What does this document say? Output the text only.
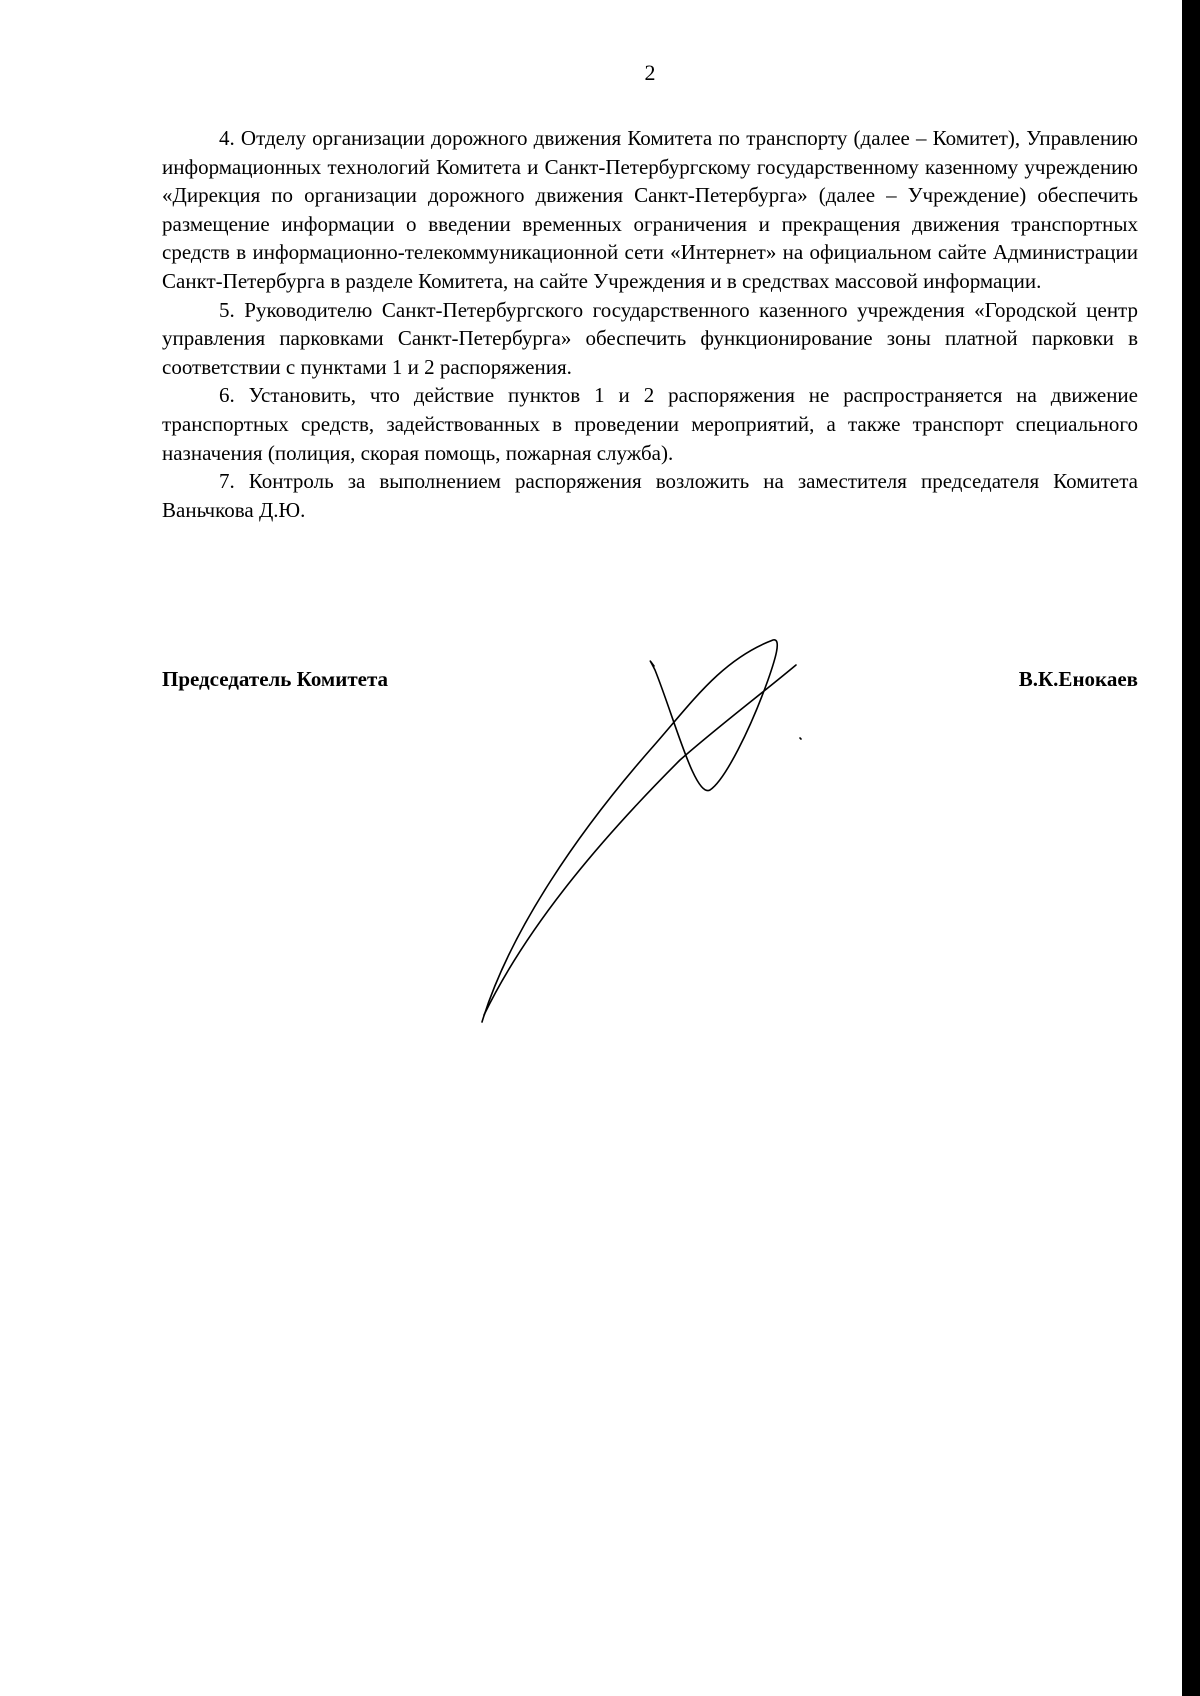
2

4. Отделу организации дорожного движения Комитета по транспорту (далее – Комитет), Управлению информационных технологий Комитета и Санкт-Петербургскому государственному казенному учреждению «Дирекция по организации дорожного движения Санкт-Петербурга» (далее – Учреждение) обеспечить размещение информации о введении временных ограничения и прекращения движения транспортных средств в информационно-телекоммуникационной сети «Интернет» на официальном сайте Администрации Санкт-Петербурга в разделе Комитета, на сайте Учреждения и в средствах массовой информации.

5. Руководителю Санкт-Петербургского государственного казенного учреждения «Городской центр управления парковками Санкт-Петербурга» обеспечить функционирование зоны платной парковки в соответствии с пунктами 1 и 2 распоряжения.

6. Установить, что действие пунктов 1 и 2 распоряжения не распространяется на движение транспортных средств, задействованных в проведении мероприятий, а также транспорт специального назначения (полиция, скорая помощь, пожарная служба).

7. Контроль за выполнением распоряжения возложить на заместителя председателя Комитета Ваньчкова Д.Ю.

Председатель Комитета	В.К.Енокаев
